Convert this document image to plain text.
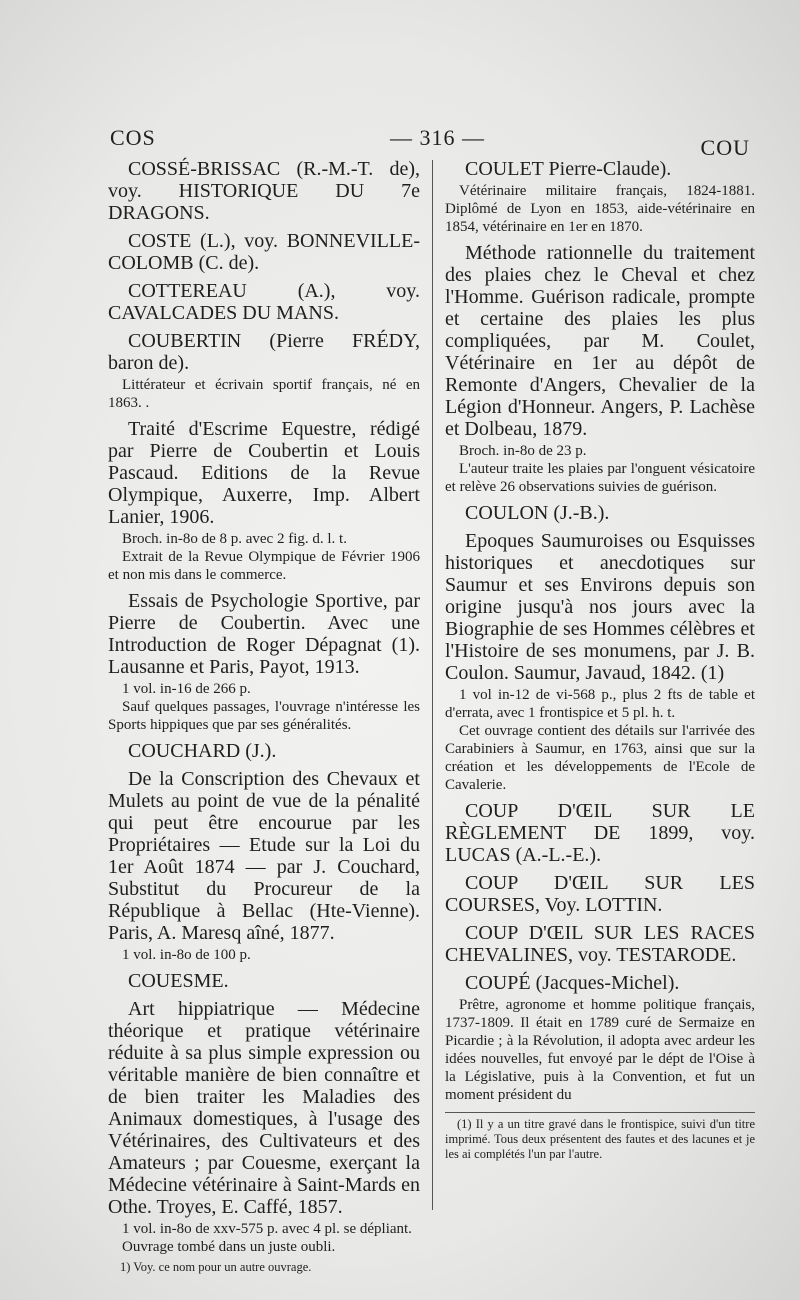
COS	— 316 —	COU

COSSÉ-BRISSAC (R.-M.-T. de), voy. HISTORIQUE DU 7e DRAGONS.

COSTE (L.), voy. BONNEVILLE-COLOMB (C. de).

COTTEREAU (A.), voy. CAVALCADES DU MANS.

COUBERTIN (Pierre FRÉDY, baron de).

Littérateur et écrivain sportif français, né en 1863. .

Traité d'Escrime Equestre, rédigé par Pierre de Coubertin et Louis Pascaud. Editions de la Revue Olympique, Auxerre, Imp. Albert Lanier, 1906.

Broch. in-8o de 8 p. avec 2 fig. d. l. t.

Extrait de la Revue Olympique de Février 1906 et non mis dans le commerce.

Essais de Psychologie Sportive, par Pierre de Coubertin. Avec une Introduction de Roger Dépagnat (1). Lausanne et Paris, Payot, 1913.

1 vol. in-16 de 266 p.

Sauf quelques passages, l'ouvrage n'intéresse les Sports hippiques que par ses généralités.

COUCHARD (J.).

De la Conscription des Chevaux et Mulets au point de vue de la pénalité qui peut être encourue par les Propriétaires — Etude sur la Loi du 1er Août 1874 — par J. Couchard, Substitut du Procureur de la République à Bellac (Hte-Vienne). Paris, A. Maresq aîné, 1877.

1 vol. in-8o de 100 p.

COUESME.

Art hippiatrique — Médecine théorique et pratique vétérinaire réduite à sa plus simple expression ou véritable manière de bien connaître et de bien traiter les Maladies des Animaux domestiques, à l'usage des Vétérinaires, des Cultivateurs et des Amateurs ; par Couesme, exerçant la Médecine vétérinaire à Saint-Mards en Othe. Troyes, E. Caffé, 1857.

1 vol. in-8o de xxv-575 p. avec 4 pl. se dépliant.

Ouvrage tombé dans un juste oubli.

1) Voy. ce nom pour un autre ouvrage.

COULET Pierre-Claude).

Vétérinaire militaire français, 1824-1881. Diplômé de Lyon en 1853, aide-vétérinaire en 1854, vétérinaire en 1er en 1870.

Méthode rationnelle du traitement des plaies chez le Cheval et chez l'Homme. Guérison radicale, prompte et certaine des plaies les plus compliquées, par M. Coulet, Vétérinaire en 1er au dépôt de Remonte d'Angers, Chevalier de la Légion d'Honneur. Angers, P. Lachèse et Dolbeau, 1879.

Broch. in-8o de 23 p.

L'auteur traite les plaies par l'onguent vésicatoire et relève 26 observations suivies de guérison.

COULON (J.-B.).

Epoques Saumuroises ou Esquisses historiques et anecdotiques sur Saumur et ses Environs depuis son origine jusqu'à nos jours avec la Biographie de ses Hommes célèbres et l'Histoire de ses monumens, par J. B. Coulon. Saumur, Javaud, 1842. (1)

1 vol in-12 de vi-568 p., plus 2 fts de table et d'errata, avec 1 frontispice et 5 pl. h. t.

Cet ouvrage contient des détails sur l'arrivée des Carabiniers à Saumur, en 1763, ainsi que sur la création et les développements de l'Ecole de Cavalerie.

COUP D'ŒIL SUR LE RÈGLEMENT DE 1899, voy. LUCAS (A.-L.-E.).

COUP D'ŒIL SUR LES COURSES, Voy. LOTTIN.

COUP D'ŒIL SUR LES RACES CHEVALINES, voy. TESTARODE.

COUPÉ (Jacques-Michel).

Prêtre, agronome et homme politique français, 1737-1809. Il était en 1789 curé de Sermaize en Picardie ; à la Révolution, il adopta avec ardeur les idées nouvelles, fut envoyé par le dépt de l'Oise à la Législative, puis à la Convention, et fut un moment président du

(1) Il y a un titre gravé dans le frontispice, suivi d'un titre imprimé. Tous deux présentent des fautes et des lacunes et je les ai complétés l'un par l'autre.
